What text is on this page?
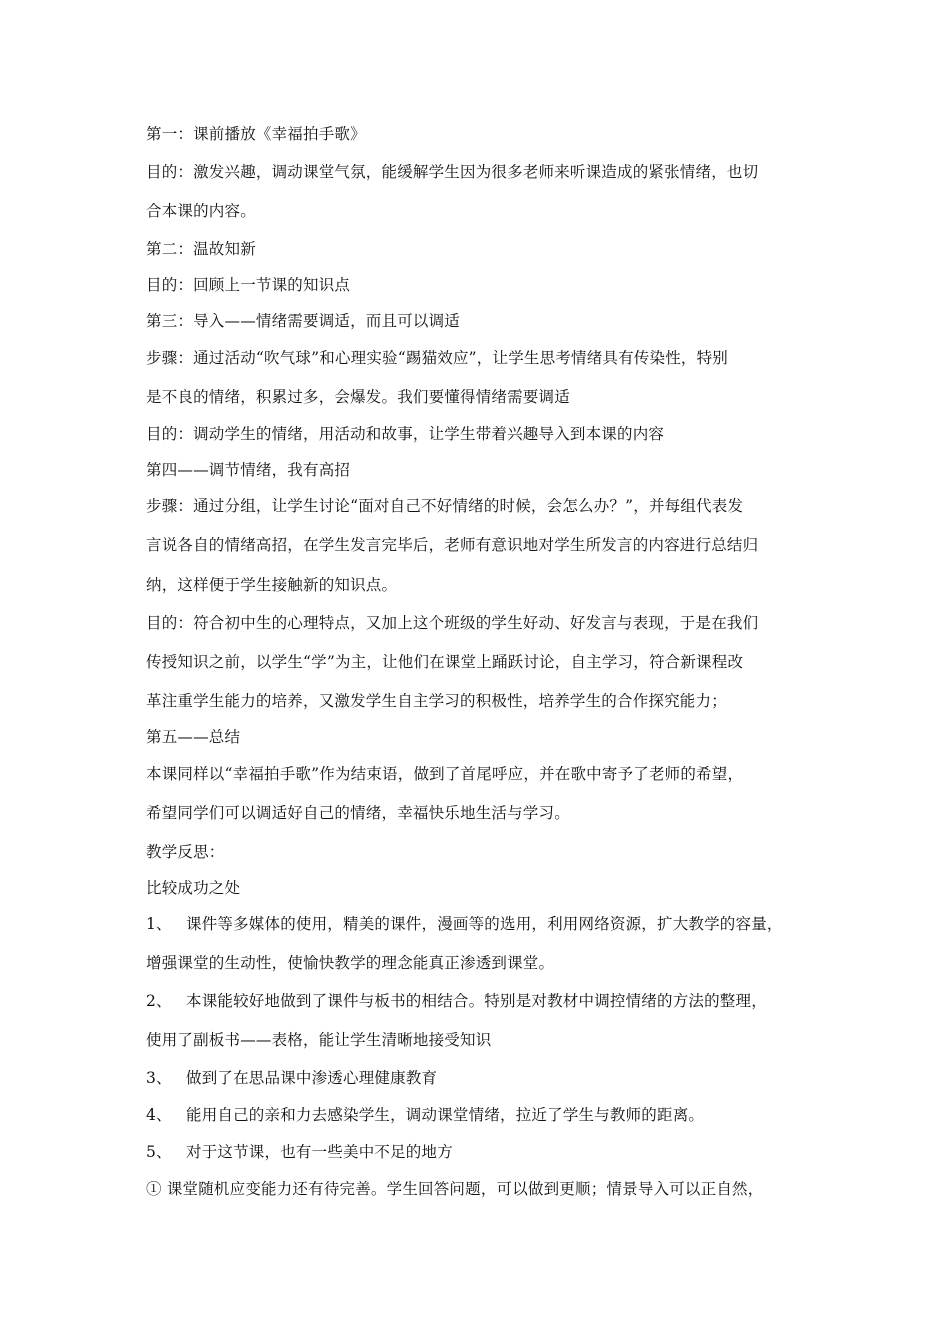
第一：课前播放《幸福拍手歌》
目的：激发兴趣，调动课堂气氛，能缓解学生因为很多老师来听课造成的紧张情绪，也切
合本课的内容。
第二：温故知新
目的：回顾上一节课的知识点
第三：导入——情绪需要调适，而且可以调适
步骤：通过活动“吹气球”和心理实验“踢猫效应”，让学生思考情绪具有传染性，特别
是不良的情绪，积累过多，会爆发。我们要懂得情绪需要调适
目的：调动学生的情绪，用活动和故事，让学生带着兴趣导入到本课的内容
第四——调节情绪，我有高招
步骤：通过分组，让学生讨论“面对自己不好情绪的时候，会怎么办？”，并每组代表发
言说各自的情绪高招，在学生发言完毕后，老师有意识地对学生所发言的内容进行总结归
纳，这样便于学生接触新的知识点。
目的：符合初中生的心理特点，又加上这个班级的学生好动、好发言与表现，于是在我们
传授知识之前，以学生“学”为主，让他们在课堂上踊跃讨论，自主学习，符合新课程改
革注重学生能力的培养，又激发学生自主学习的积极性，培养学生的合作探究能力；
第五——总结
本课同样以“幸福拍手歌”作为结束语，做到了首尾呼应，并在歌中寄予了老师的希望，
希望同学们可以调适好自己的情绪，幸福快乐地生活与学习。
教学反思：
比较成功之处
1、 课件等多媒体的使用，精美的课件，漫画等的选用，利用网络资源，扩大教学的容量，
增强课堂的生动性，使愉快教学的理念能真正渗透到课堂。
2、 本课能较好地做到了课件与板书的相结合。特别是对教材中调控情绪的方法的整理，
使用了副板书——表格，能让学生清晰地接受知识
3、 做到了在思品课中渗透心理健康教育
4、 能用自己的亲和力去感染学生，调动课堂情绪，拉近了学生与教师的距离。
5、 对于这节课，也有一些美中不足的地方
① 课堂随机应变能力还有待完善。学生回答问题，可以做到更顺；情景导入可以正自然，
